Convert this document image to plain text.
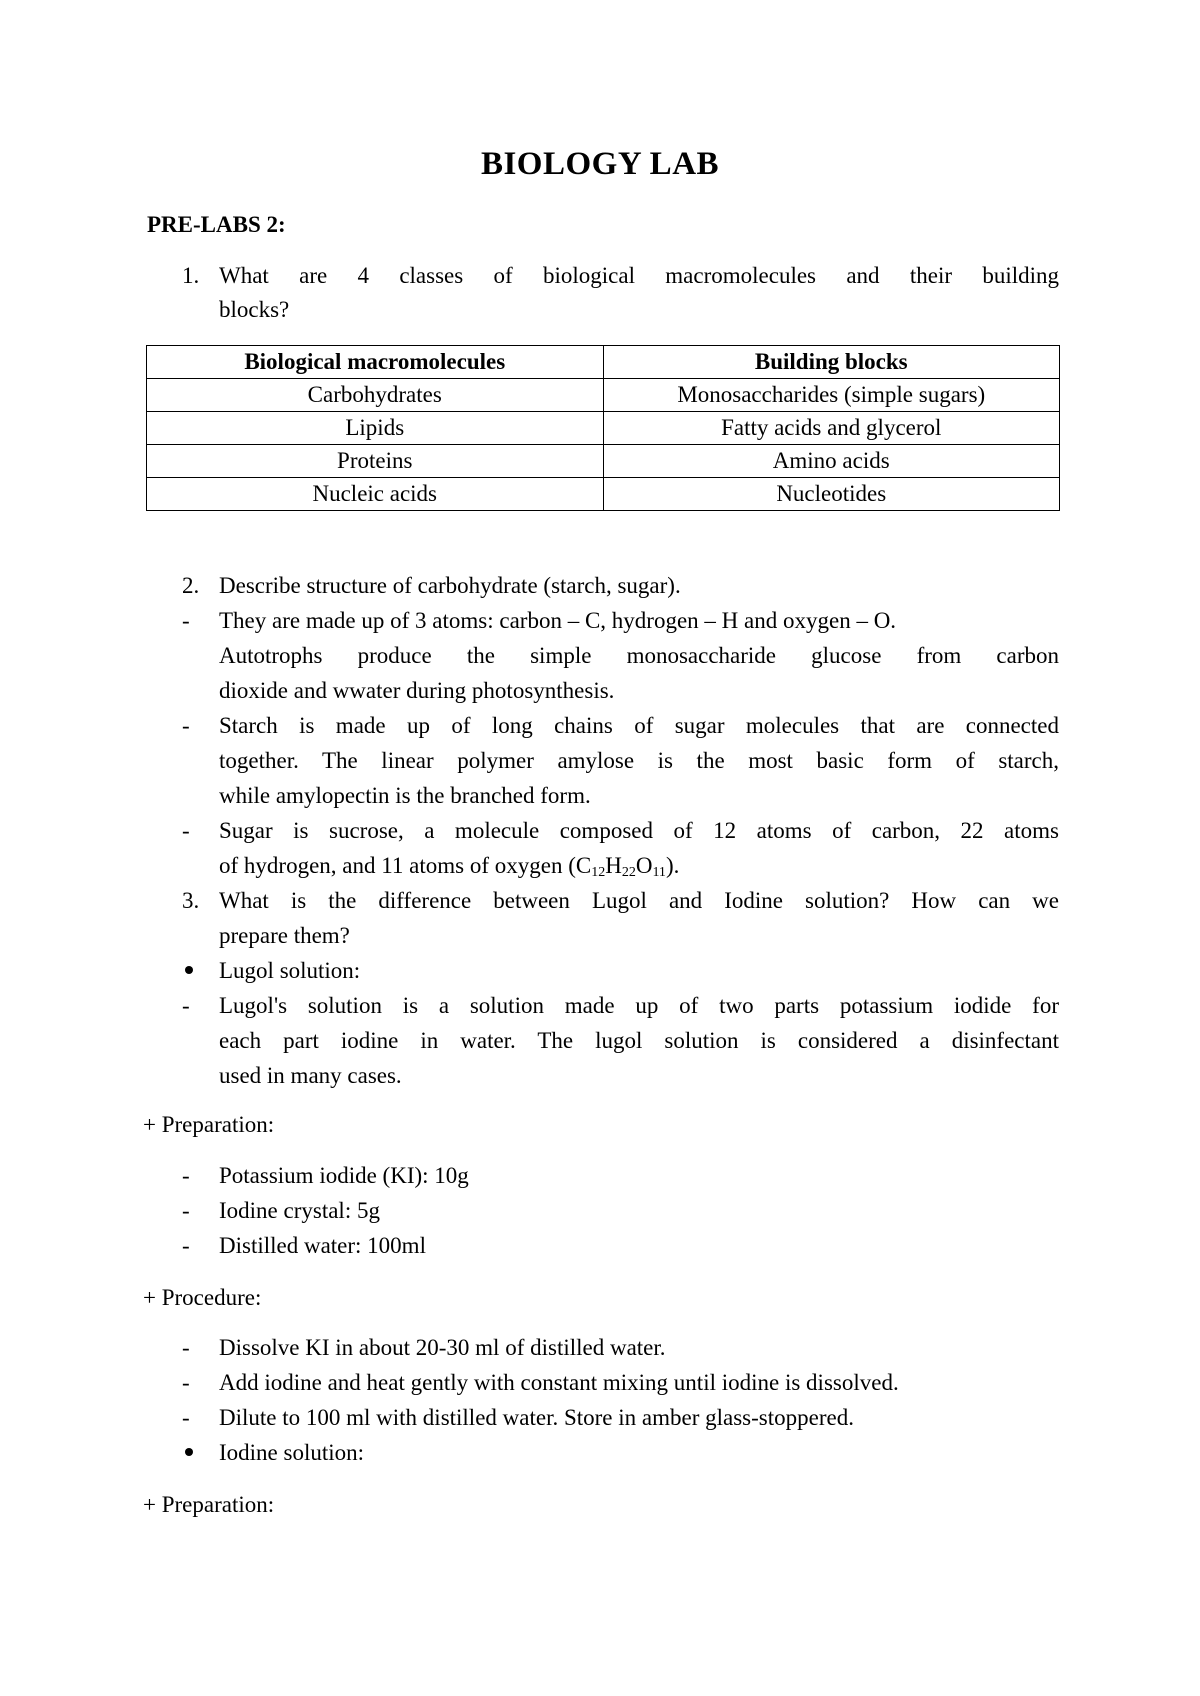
BIOLOGY LAB
PRE-LABS 2:
1. What are 4 classes of biological macromolecules and their building
blocks?
Biological macromolecules	Building blocks
Carbohydrates	Monosaccharides (simple sugars)
Lipids	Fatty acids and glycerol
Proteins	Amino acids
Nucleic acids	Nucleotides
2. Describe structure of carbohydrate (starch, sugar).
- They are made up of 3 atoms: carbon – C, hydrogen – H and oxygen – O.
Autotrophs produce the simple monosaccharide glucose from carbon
dioxide and wwater during photosynthesis.
- Starch is made up of long chains of sugar molecules that are connected
together. The linear polymer amylose is the most basic form of starch,
while amylopectin is the branched form.
- Sugar is sucrose, a molecule composed of 12 atoms of carbon, 22 atoms
of hydrogen, and 11 atoms of oxygen $(C_{12}H_{22}O_{11})$.
3. What is the difference between Lugol and Iodine solution? How can we
prepare them?
Lugol solution:
- Lugol's solution is a solution made up of two parts potassium iodide for
each part iodine in water. The lugol solution is considered a disinfectant
used in many cases.
+ Preparation:
- Potassium iodide (KI): 10g
- Iodine crystal: 5g
- Distilled water: 100ml
+ Procedure:
- Dissolve KI in about 20-30 ml of distilled water.
- Add iodine and heat gently with constant mixing until iodine is dissolved.
- Dilute to 100 ml with distilled water. Store in amber glass-stoppered.
Iodine solution:
+ Preparation:
